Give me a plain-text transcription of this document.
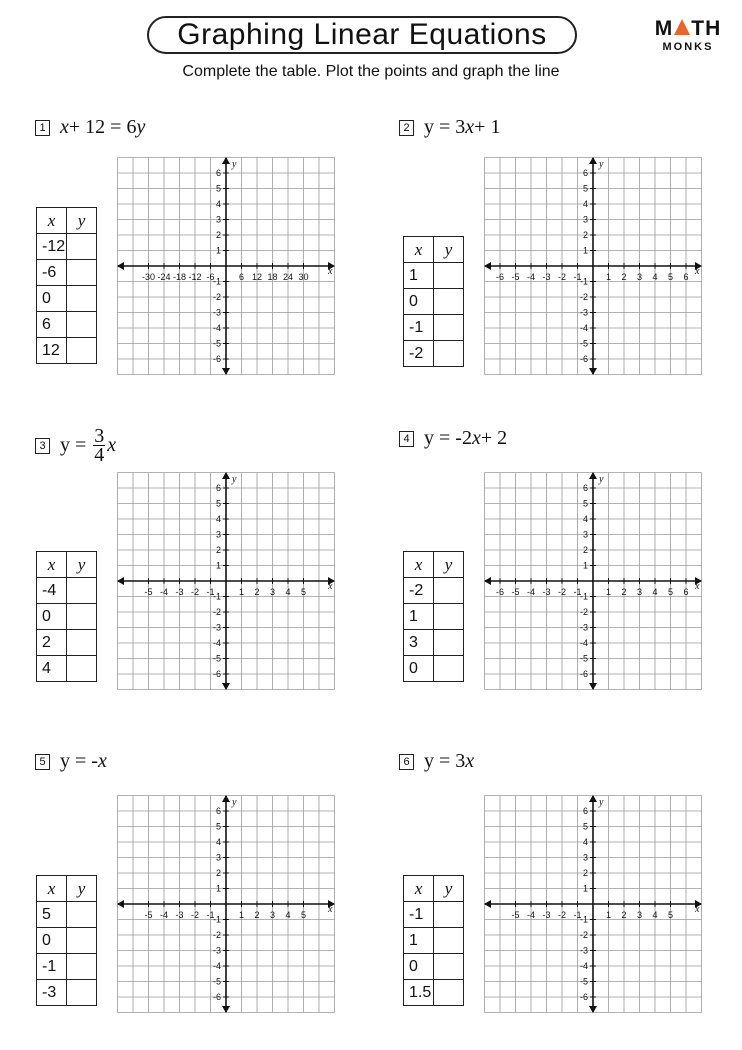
Graphing Linear Equations	M TH
MONKS
Complete the table. Plot the points and graph the line
1 x + 12 = 6 y
x	y
-12	
-6	
0	
6	
12	
-30 -24 -18 -12 -6	6 12 18 24 30
6
5
4
3
2
1
-1
-2
-3
-4
-5
-6
x
y
2 y = 3 x + 1
x	y
1	
0	
-1	
-2	
-6 -5 -4 -3 -2 -1	1 2 3 4 5 6
6
5
4
3
2
1
-1
-2
-3
-4
-5
-6
x
y
3 $y = \frac{3}{4}$ x
x	y
-4	
0	
2	
4	
-5 -4 -3 -2 -1	1 2 3 4 5
6
5
4
3
2
1
-1
-2
-3
-4
-5
-6
x
y
4 y = -2 x + 2
x	y
-2	
1	
3	
0	
-6 -5 -4 -3 -2 -1	1 2 3 4 5 6
6
5
4
3
2
1
-1
-2
-3
-4
-5
-6
x
y
5 y = - x
x	y
5	
0	
-1	
-3	
-5 -4 -3 -2 -1	1 2 3 4 5
6
5
4
3
2
1
-1
-2
-3
-4
-5
-6
x
y
6 y = 3 x
x	y
-1	
1	
0	
1.5	
-5 -4 -3 -2 -1	1 2 3 4 5
6
5
4
3
2
1
-1
-2
-3
-4
-5
-6
x
y
